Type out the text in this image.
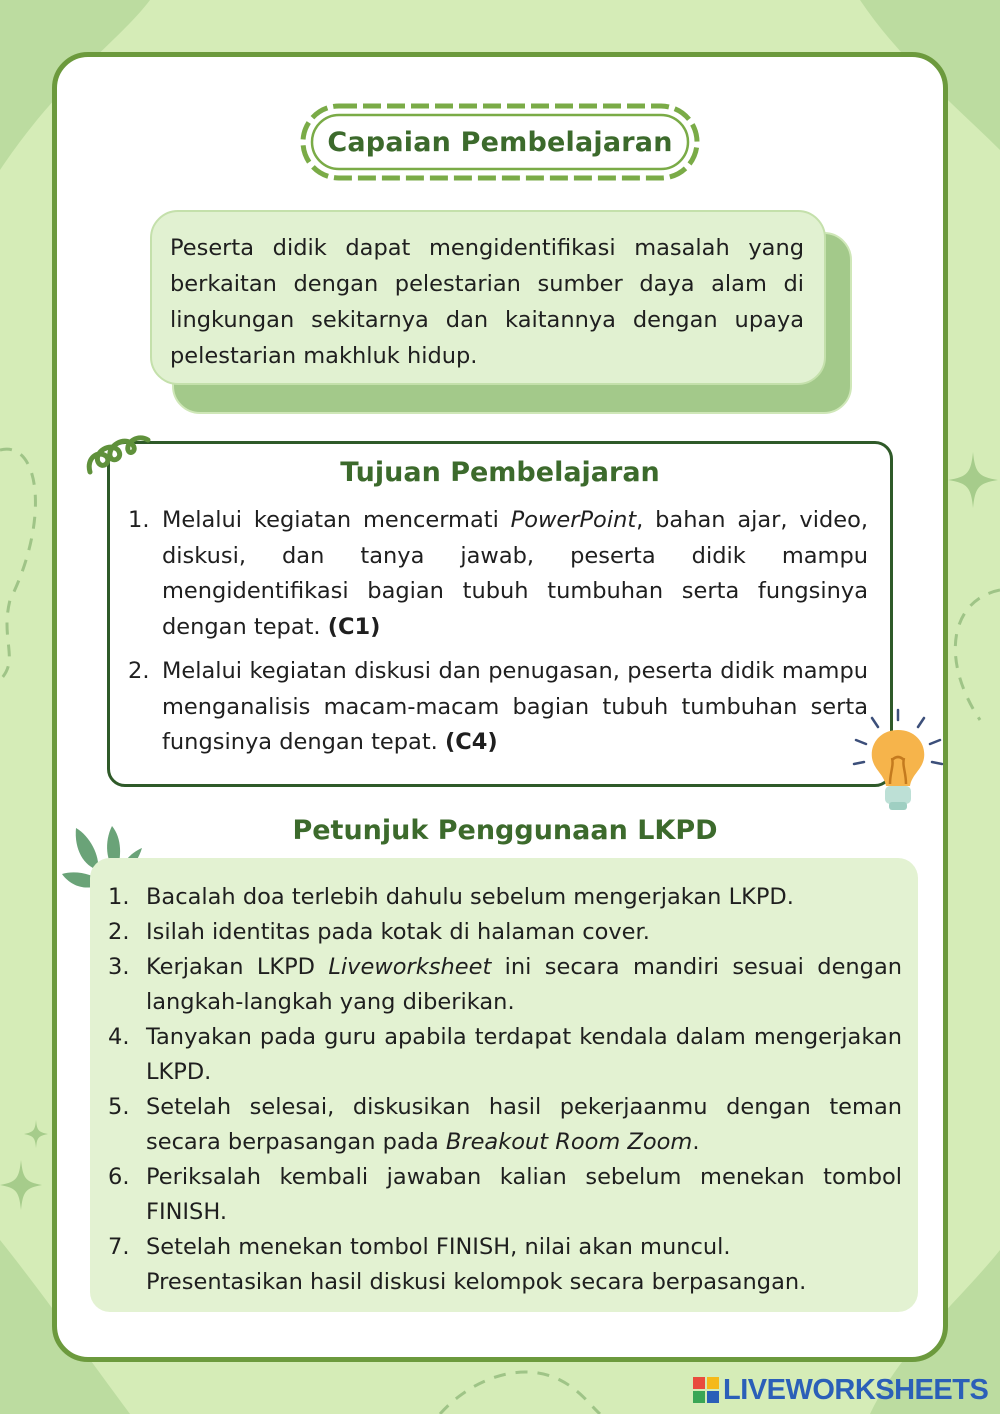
Capaian Pembelajaran

Peserta didik dapat mengidentifikasi masalah yang berkaitan dengan pelestarian sumber daya alam di lingkungan sekitarnya dan kaitannya dengan upaya pelestarian makhluk hidup.

Tujuan Pembelajaran
1. Melalui kegiatan mencermati PowerPoint, bahan ajar, video, diskusi, dan tanya jawab, peserta didik mampu mengidentifikasi bagian tubuh tumbuhan serta fungsinya dengan tepat. (C1)
2. Melalui kegiatan diskusi dan penugasan, peserta didik mampu menganalisis macam-macam bagian tubuh tumbuhan serta fungsinya dengan tepat. (C4)
Petunjuk Penggunaan LKPD
1. Bacalah doa terlebih dahulu sebelum mengerjakan LKPD.
2. Isilah identitas pada kotak di halaman cover.
3. Kerjakan LKPD Liveworksheet ini secara mandiri sesuai dengan langkah-langkah yang diberikan.
4. Tanyakan pada guru apabila terdapat kendala dalam mengerjakan LKPD.
5. Setelah selesai, diskusikan hasil pekerjaanmu dengan teman secara berpasangan pada Breakout Room Zoom.
6. Periksalah kembali jawaban kalian sebelum menekan tombol FINISH.
7. Setelah menekan tombol FINISH, nilai akan muncul.
Presentasikan hasil diskusi kelompok secara berpasangan.
LIVEWORKSHEETS
